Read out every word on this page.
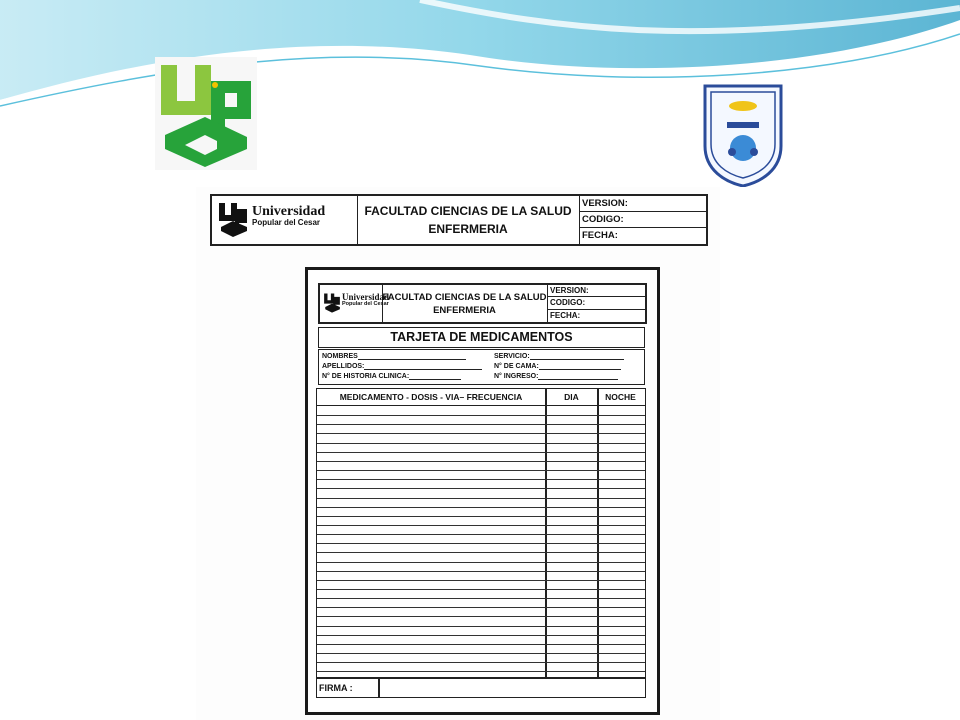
Universidad
Popular del Cesar
FACULTAD CIENCIAS DE LA SALUD
ENFERMERIA
VERSION:
CODIGO:
FECHA:
Universidad
Popular del Cesar
FACULTAD CIENCIAS DE LA SALUD
ENFERMERIA
VERSION:
CODIGO:
FECHA:
TARJETA DE MEDICAMENTOS
NOMBRES
APELLIDOS:
N° DE HISTORIA CLINICA:
SERVICIO:
N° DE CAMA:
N° INGRESO:
MEDICAMENTO - DOSIS - VIA– FRECUENCIA	DIA	NOCHE
FIRMA :
